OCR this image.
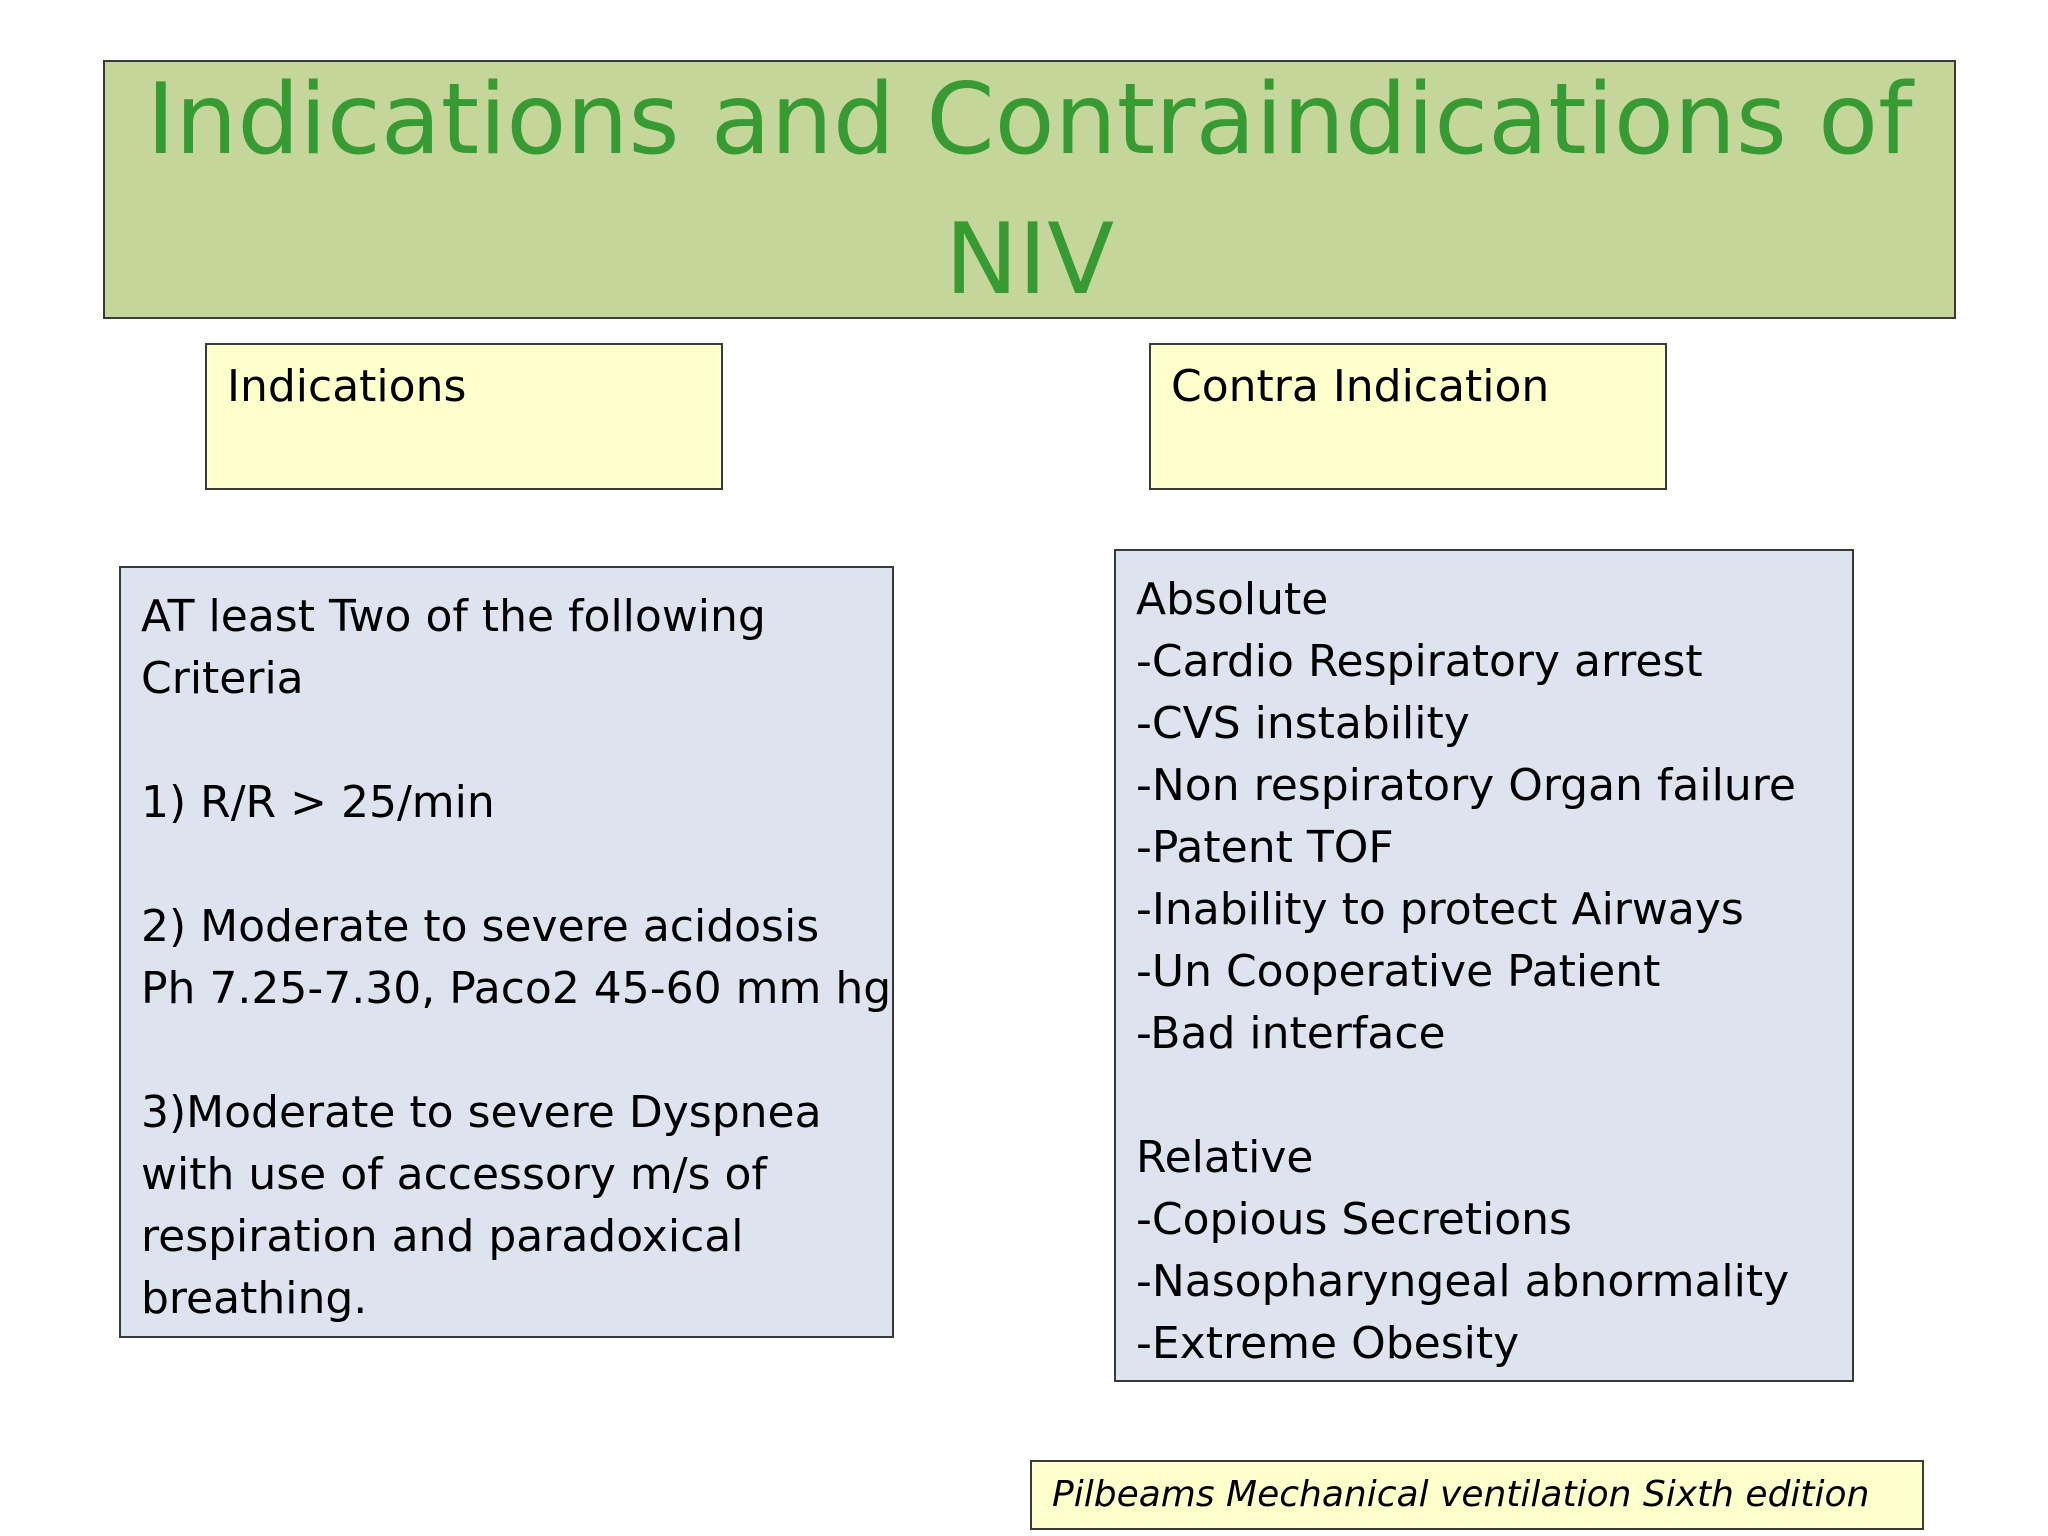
Indications and Contraindications of
NIV
Indications	Contra Indication
AT least Two of the following
Criteria
1) R/R > 25/min
2) Moderate to severe acidosis
Ph 7.25-7.30, Paco2 45-60 mm hg
3)Moderate to severe Dyspnea
with use of accessory m/s of
respiration and paradoxical
breathing.
Absolute
-Cardio Respiratory arrest
-CVS instability
-Non respiratory Organ failure
-Patent TOF
-Inability to protect Airways
-Un Cooperative Patient
-Bad interface
Relative
-Copious Secretions
-Nasopharyngeal abnormality
-Extreme Obesity
Pilbeams Mechanical ventilation Sixth edition
